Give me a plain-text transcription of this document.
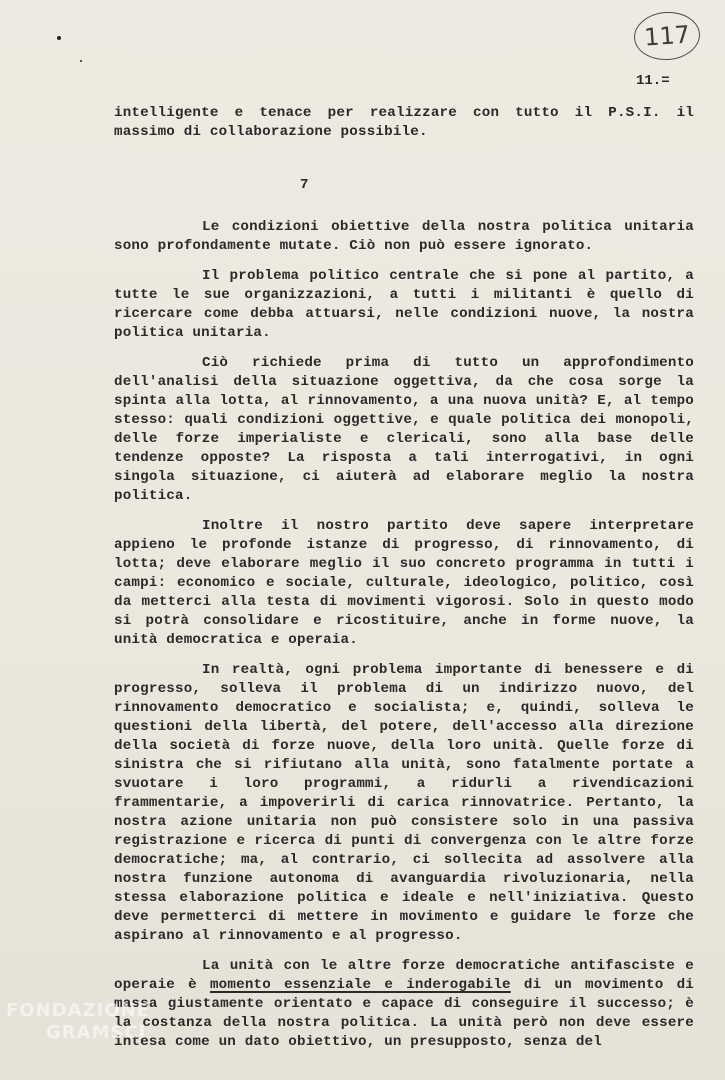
117
11.=

intelligente e tenace per realizzare con tutto il P.S.I. il massimo di collaborazione possibile.

7

Le condizioni obiettive della nostra politica unitaria sono profondamente mutate. Ciò non può essere ignorato.

Il problema politico centrale che si pone al partito, a tutte le sue organizzazioni, a tutti i militanti è quello di ricercare come debba attuarsi, nelle condizioni nuove, la nostra politica unitaria.

Ciò richiede prima di tutto un approfondimento dell'analisi della situazione oggettiva, da che cosa sorge la spinta alla lotta, al rinnovamento, a una nuova unità? E, al tempo stesso: quali condizioni oggettive, e quale politica dei monopoli, delle forze imperialiste e clericali, sono alla base delle tendenze opposte? La risposta a tali interrogativi, in ogni singola situazione, ci aiuterà ad elaborare meglio la nostra politica.

Inoltre il nostro partito deve sapere interpretare appieno le profonde istanze di progresso, di rinnovamento, di lotta; deve elaborare meglio il suo concreto programma in tutti i campi: economico e sociale, culturale, ideologico, politico, così da metterci alla testa di movimenti vigorosi. Solo in questo modo si potrà consolidare e ricostituire, anche in forme nuove, la unità democratica e operaia.

In realtà, ogni problema importante di benessere e di progresso, solleva il problema di un indirizzo nuovo, del rinnovamento democratico e socialista; e, quindi, solleva le questioni della libertà, del potere, dell'accesso alla direzione della società di forze nuove, della loro unità. Quelle forze di sinistra che si rifiutano alla unità, sono fatalmente portate a svuotare i loro programmi, a ridurli a rivendicazioni frammentarie, a impoverirli di carica rinnovatrice. Pertanto, la nostra azione unitaria non può consistere solo in una passiva registrazione e ricerca di punti di convergenza con le altre forze democratiche; ma, al contrario, ci sollecita ad assolvere alla nostra funzione autonoma di avanguardia rivoluzionaria, nella stessa elaborazione politica e ideale e nell'iniziativa. Questo deve permetterci di mettere in movimento e guidare le forze che aspirano al rinnovamento e al progresso.

La unità con le altre forze democratiche antifasciste e operaie è momento essenziale e inderogabile di un movimento di massa giustamente orientato e capace di conseguire il successo; è la costanza della nostra politica. La unità però non deve essere intesa come un dato obiettivo, un presupposto, senza del

FONDAZIONE
GRAMSCI
